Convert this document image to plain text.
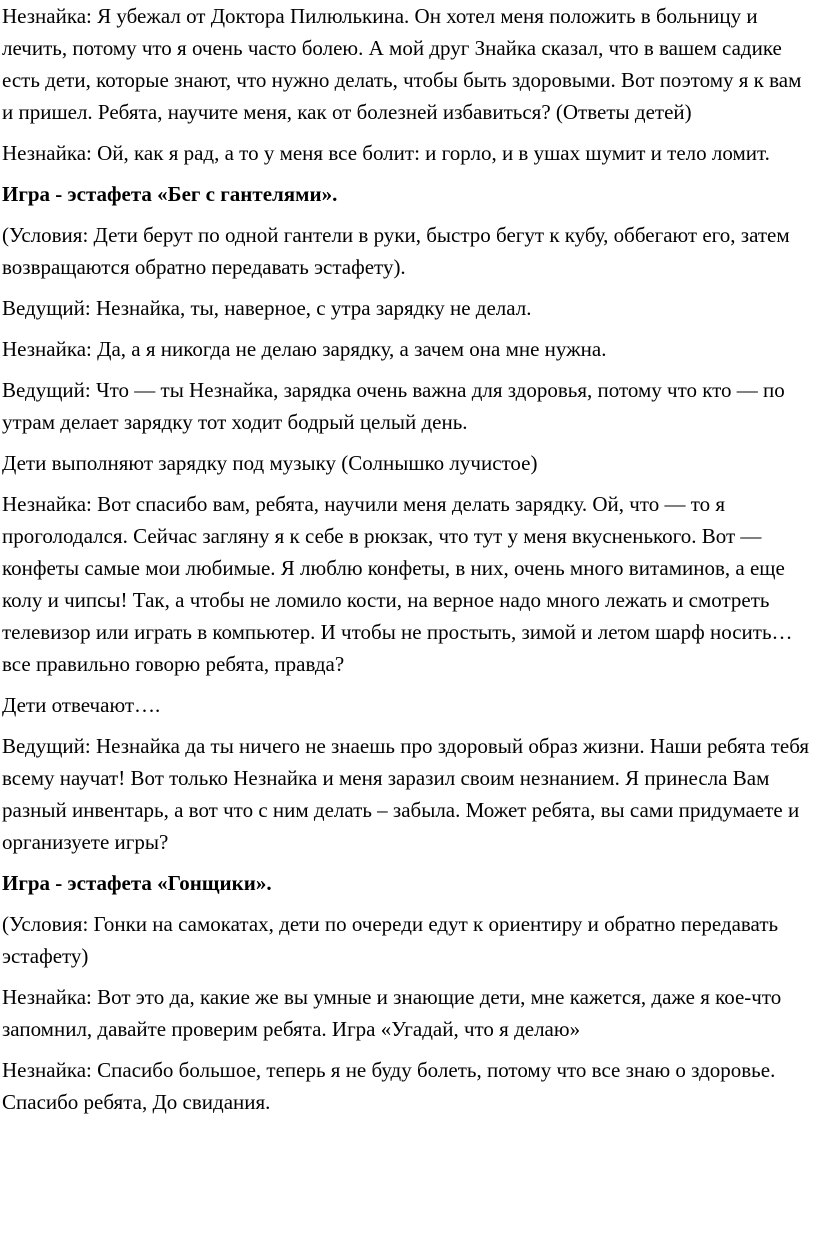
Незнайка: Я убежал от Доктора Пилюлькина. Он хотел меня положить в больницу и лечить, потому что я очень часто болею. А мой друг Знайка сказал, что в вашем садике есть дети, которые знают, что нужно делать, чтобы быть здоровыми. Вот поэтому я к вам и пришел. Ребята, научите меня, как от болезней избавиться? (Ответы детей)

Незнайка: Ой, как я рад, а то у меня все болит: и горло, и в ушах шумит и тело ломит.

Игра - эстафета «Бег с гантелями».

(Условия: Дети берут по одной гантели в руки, быстро бегут к кубу, оббегают его, затем возвращаются обратно передавать эстафету).

Ведущий: Незнайка, ты, наверное, с утра зарядку не делал.

Незнайка: Да, а я никогда не делаю зарядку, а зачем она мне нужна.

Ведущий: Что — ты Незнайка, зарядка очень важна для здоровья, потому что кто — по утрам делает зарядку тот ходит бодрый целый день.

Дети выполняют зарядку под музыку (Солнышко лучистое)

Незнайка: Вот спасибо вам, ребята, научили меня делать зарядку. Ой, что — то я проголодался. Сейчас загляну я к себе в рюкзак, что тут у меня вкусненького. Вот — конфеты самые мои любимые. Я люблю конфеты, в них, очень много витаминов, а еще колу и чипсы! Так, а чтобы не ломило кости, на верное надо много лежать и смотреть телевизор или играть в компьютер. И чтобы не простыть, зимой и летом шарф носить… все правильно говорю ребята, правда?

Дети отвечают….

Ведущий: Незнайка да ты ничего не знаешь про здоровый образ жизни. Наши ребята тебя всему научат! Вот только Незнайка и меня заразил своим незнанием. Я принесла Вам разный инвентарь, а вот что с ним делать – забыла. Может ребята, вы сами придумаете и организуете игры?

Игра - эстафета «Гонщики».

(Условия: Гонки на самокатах, дети по очереди едут к ориентиру и обратно передавать эстафету)

Незнайка: Вот это да, какие же вы умные и знающие дети, мне кажется, даже я кое-что запомнил, давайте проверим ребята. Игра «Угадай, что я делаю»

Незнайка: Спасибо большое, теперь я не буду болеть, потому что все знаю о здоровье. Спасибо ребята, До свидания.
